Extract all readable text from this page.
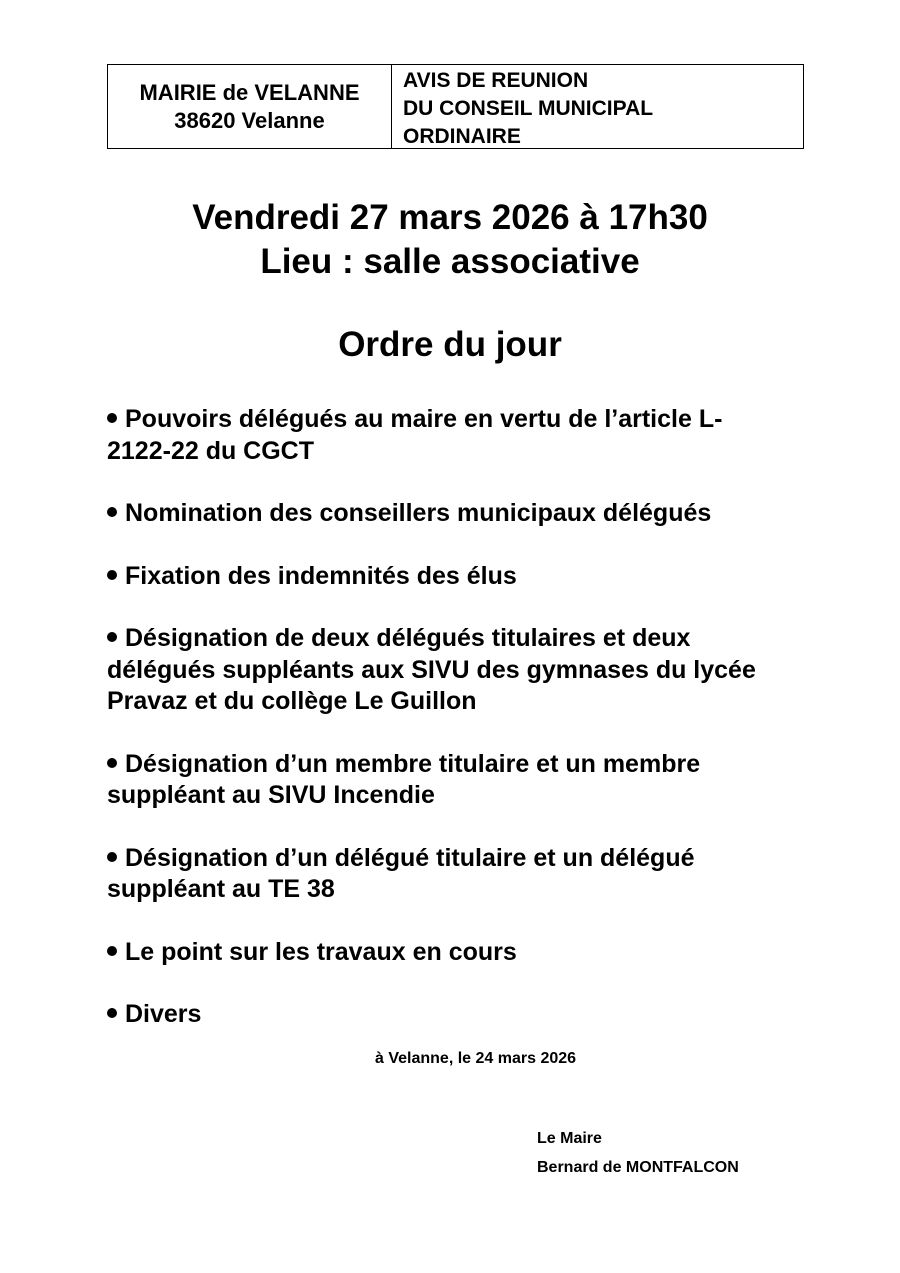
MAIRIE de VELANNE
38620 Velanne
AVIS DE REUNION
DU CONSEIL MUNICIPAL
ORDINAIRE
Vendredi 27 mars 2026 à 17h30
Lieu : salle associative
Ordre du jour
Pouvoirs délégués au maire en vertu de l’article L-
2122-22 du CGCT
Nomination des conseillers municipaux délégués
Fixation des indemnités des élus
Désignation de deux délégués titulaires et deux
délégués suppléants aux SIVU des gymnases du lycée
Pravaz et du collège Le Guillon
Désignation d’un membre titulaire et un membre
suppléant au SIVU Incendie
Désignation d’un délégué titulaire et un délégué
suppléant au TE 38
Le point sur les travaux en cours
Divers
à Velanne, le 24 mars 2026
Le Maire
Bernard de MONTFALCON
